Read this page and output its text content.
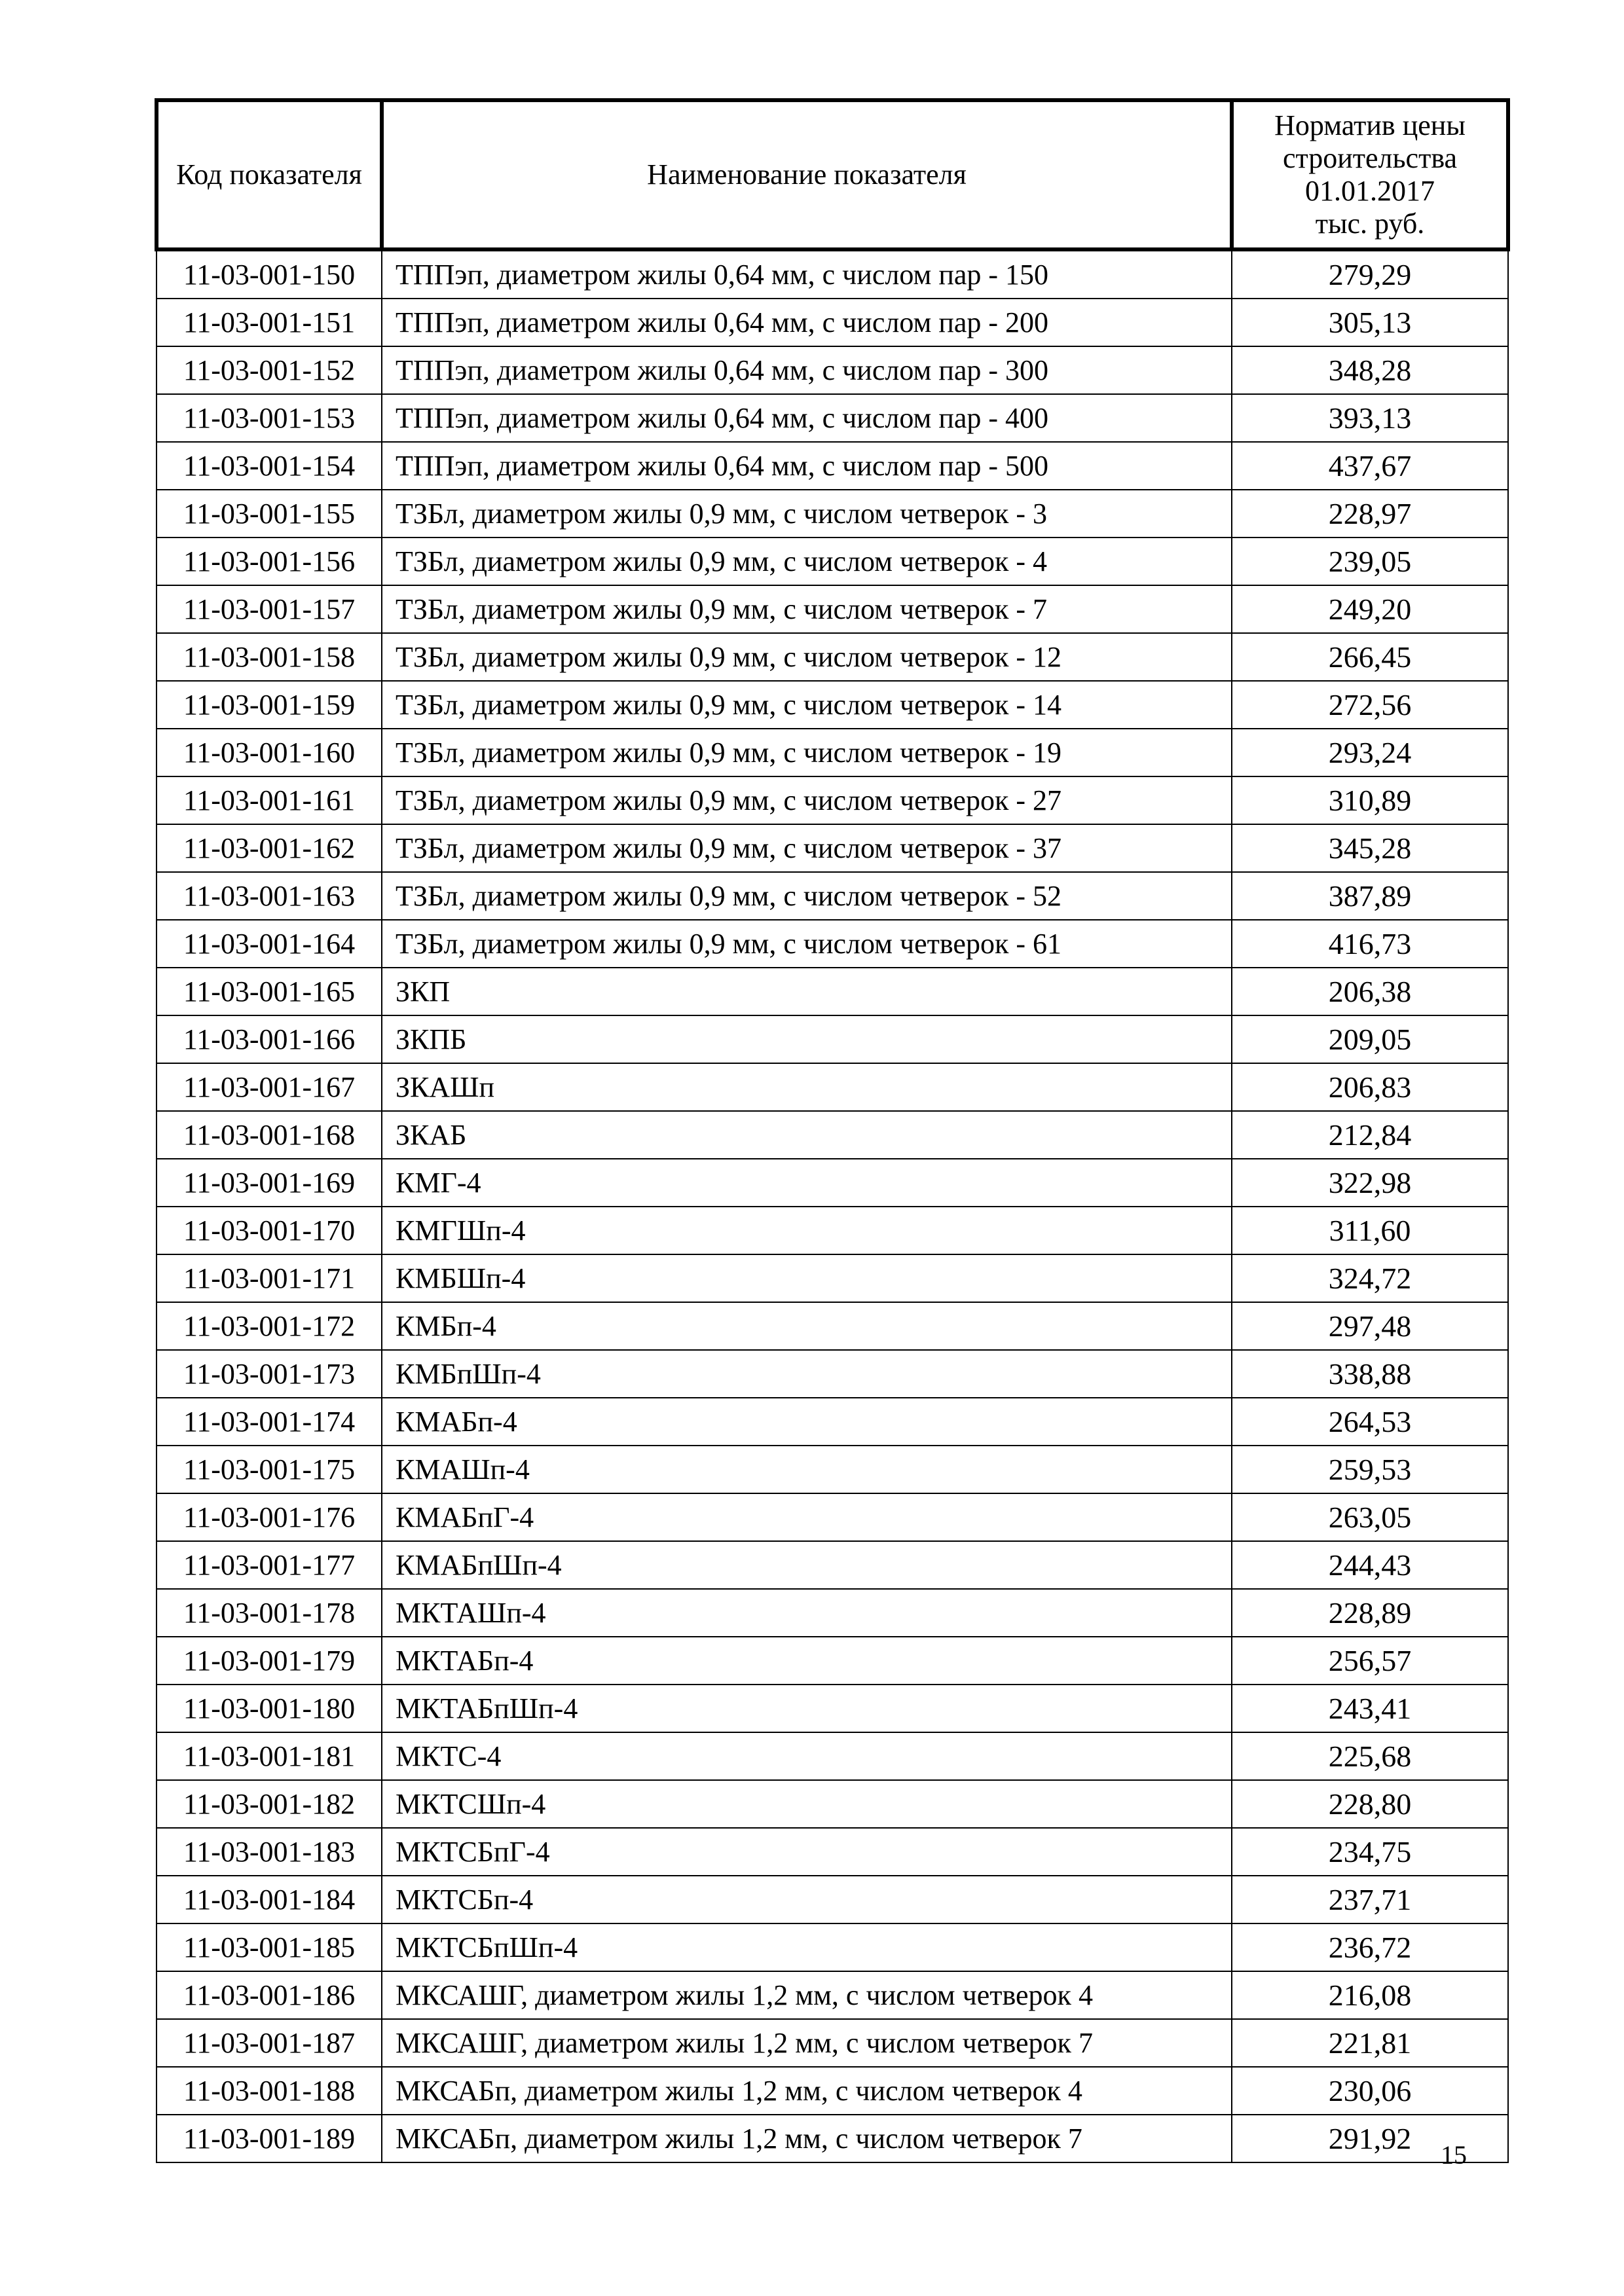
Код показателя	Наименование показателя	Норматив цены
строительства
01.01.2017
тыс. руб.

11-03-001-150	ТППэп, диаметром жилы 0,64 мм, с числом пар - 150	279,29
11-03-001-151	ТППэп, диаметром жилы 0,64 мм, с числом пар - 200	305,13
11-03-001-152	ТППэп, диаметром жилы 0,64 мм, с числом пар - 300	348,28
11-03-001-153	ТППэп, диаметром жилы 0,64 мм, с числом пар - 400	393,13
11-03-001-154	ТППэп, диаметром жилы 0,64 мм, с числом пар - 500	437,67
11-03-001-155	ТЗБл, диаметром жилы 0,9 мм, с числом четверок - 3	228,97
11-03-001-156	ТЗБл, диаметром жилы 0,9 мм, с числом четверок - 4	239,05
11-03-001-157	ТЗБл, диаметром жилы 0,9 мм, с числом четверок - 7	249,20
11-03-001-158	ТЗБл, диаметром жилы 0,9 мм, с числом четверок - 12	266,45
11-03-001-159	ТЗБл, диаметром жилы 0,9 мм, с числом четверок - 14	272,56
11-03-001-160	ТЗБл, диаметром жилы 0,9 мм, с числом четверок - 19	293,24
11-03-001-161	ТЗБл, диаметром жилы 0,9 мм, с числом четверок - 27	310,89
11-03-001-162	ТЗБл, диаметром жилы 0,9 мм, с числом четверок - 37	345,28
11-03-001-163	ТЗБл, диаметром жилы 0,9 мм, с числом четверок - 52	387,89
11-03-001-164	ТЗБл, диаметром жилы 0,9 мм, с числом четверок - 61	416,73
11-03-001-165	ЗКП	206,38
11-03-001-166	ЗКПБ	209,05
11-03-001-167	ЗКАШп	206,83
11-03-001-168	ЗКАБ	212,84
11-03-001-169	КМГ-4	322,98
11-03-001-170	КМГШп-4	311,60
11-03-001-171	КМБШп-4	324,72
11-03-001-172	КМБп-4	297,48
11-03-001-173	КМБпШп-4	338,88
11-03-001-174	КМАБп-4	264,53
11-03-001-175	КМАШп-4	259,53
11-03-001-176	КМАБпГ-4	263,05
11-03-001-177	КМАБпШп-4	244,43
11-03-001-178	МКТАШп-4	228,89
11-03-001-179	МКТАБп-4	256,57
11-03-001-180	МКТАБпШп-4	243,41
11-03-001-181	МКТС-4	225,68
11-03-001-182	МКТСШп-4	228,80
11-03-001-183	МКТСБпГ-4	234,75
11-03-001-184	МКТСБп-4	237,71
11-03-001-185	МКТСБпШп-4	236,72
11-03-001-186	МКСАШГ, диаметром жилы 1,2 мм, с числом четверок 4	216,08
11-03-001-187	МКСАШГ, диаметром жилы 1,2 мм, с числом четверок 7	221,81
11-03-001-188	МКСАБп, диаметром жилы 1,2 мм, с числом четверок 4	230,06
11-03-001-189	МКСАБп, диаметром жилы 1,2 мм, с числом четверок 7	291,92 15
